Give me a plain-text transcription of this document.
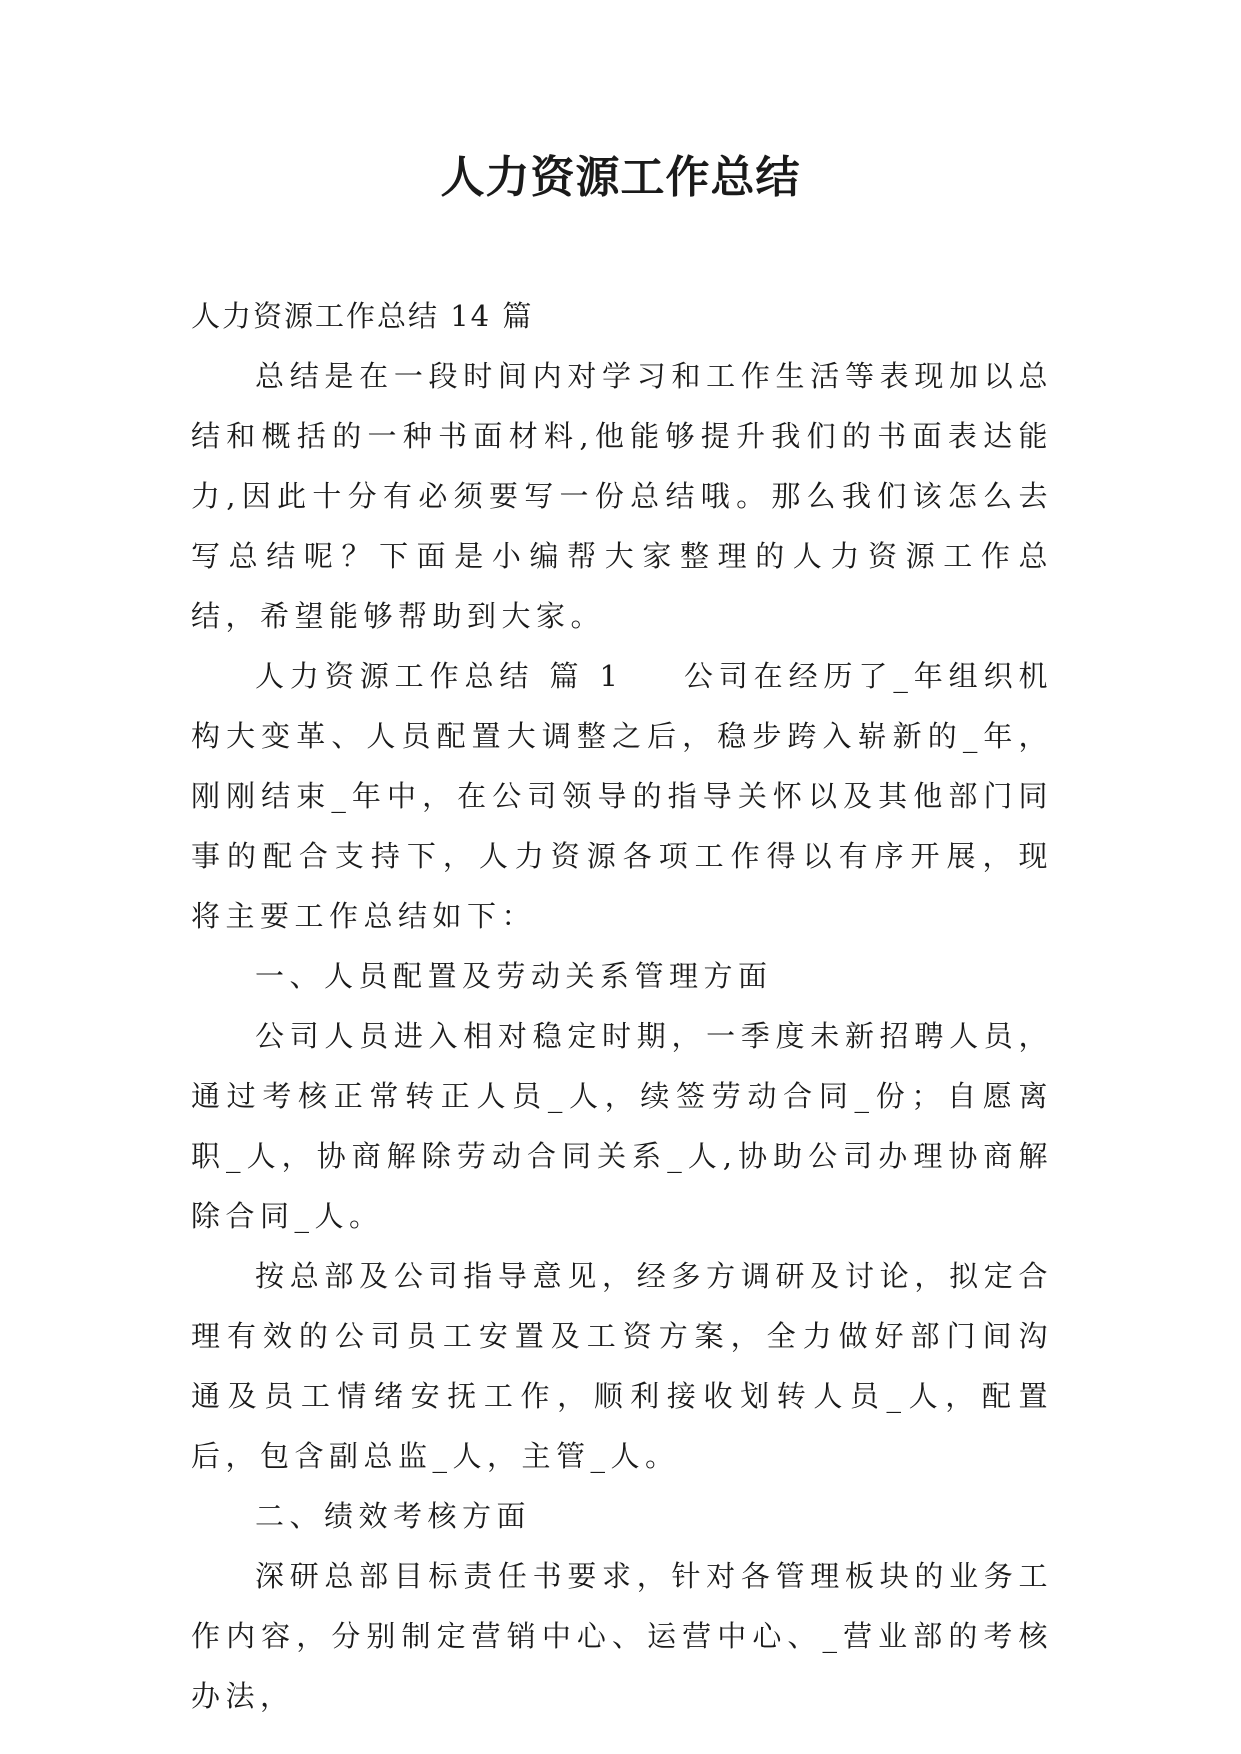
人力资源工作总结

人力资源工作总结 14 篇

总结是在一段时间内对学习和工作生活等表现加以总结和概括的一种书面材料,他能够提升我们的书面表达能力,因此十分有必须要写一份总结哦。那么我们该怎么去写总结呢？下面是小编帮大家整理的人力资源工作总结，希望能够帮助到大家。

人力资源工作总结 篇 1 公司在经历了_年组织机构大变革、人员配置大调整之后，稳步跨入崭新的_年，刚刚结束_年中，在公司领导的指导关怀以及其他部门同事的配合支持下，人力资源各项工作得以有序开展，现将主要工作总结如下：

一、人员配置及劳动关系管理方面

公司人员进入相对稳定时期，一季度未新招聘人员，通过考核正常转正人员_人，续签劳动合同_份；自愿离职_人，协商解除劳动合同关系_人,协助公司办理协商解除合同_人。

按总部及公司指导意见，经多方调研及讨论，拟定合理有效的公司员工安置及工资方案，全力做好部门间沟通及员工情绪安抚工作，顺利接收划转人员_人，配置后，包含副总监_人，主管_人。

二、绩效考核方面

深研总部目标责任书要求，针对各管理板块的业务工作内容，分别制定营销中心、运营中心、_营业部的考核办法，
